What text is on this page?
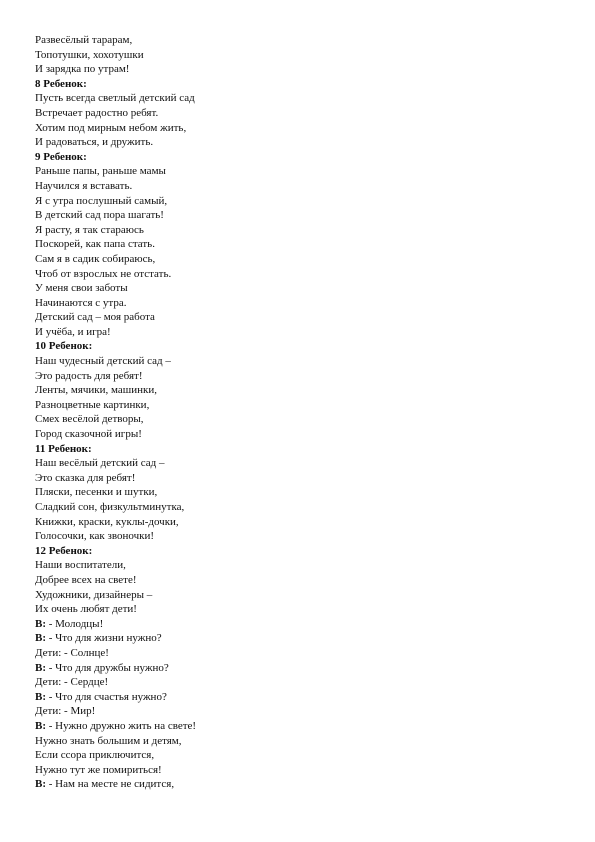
Развесёлый тарарам,
Топотушки, хохотушки
И зарядка по утрам!
8 Ребенок:
Пусть всегда светлый детский сад
Встречает радостно ребят.
Хотим под мирным небом жить,
И радоваться, и дружить.
9 Ребенок:
Раньше папы, раньше мамы
Научился я вставать.
Я с утра послушный самый,
В детский сад пора шагать!
Я расту, я так стараюсь
Поскорей, как папа стать.
Сам я в садик собираюсь,
Чтоб от взрослых не отстать.
У меня свои заботы
Начинаются с утра.
Детский сад – моя работа
И учёба, и игра!
10 Ребенок:
Наш чудесный детский сад –
Это радость для ребят!
Ленты, мячики, машинки,
Разноцветные картинки,
Смех весёлой детворы,
Город сказочной игры!
11 Ребенок:
Наш весёлый детский сад –
Это сказка для ребят!
Пляски, песенки и шутки,
Сладкий сон, физкультминутка,
Книжки, краски, куклы-дочки,
Голосочки, как звоночки!
12 Ребенок:
Наши воспитатели,
Добрее всех на свете!
Художники, дизайнеры –
Их очень любят дети!
В: - Молодцы!
В: - Что для жизни нужно?
Дети: - Солнце!
В: - Что для дружбы нужно?
Дети: - Сердце!
В: - Что для счастья нужно?
Дети: - Мир!
В: - Нужно дружно жить на свете!
Нужно знать большим и детям,
Если ссора приключится,
Нужно тут же помириться!
В: - Нам на месте не сидится,
